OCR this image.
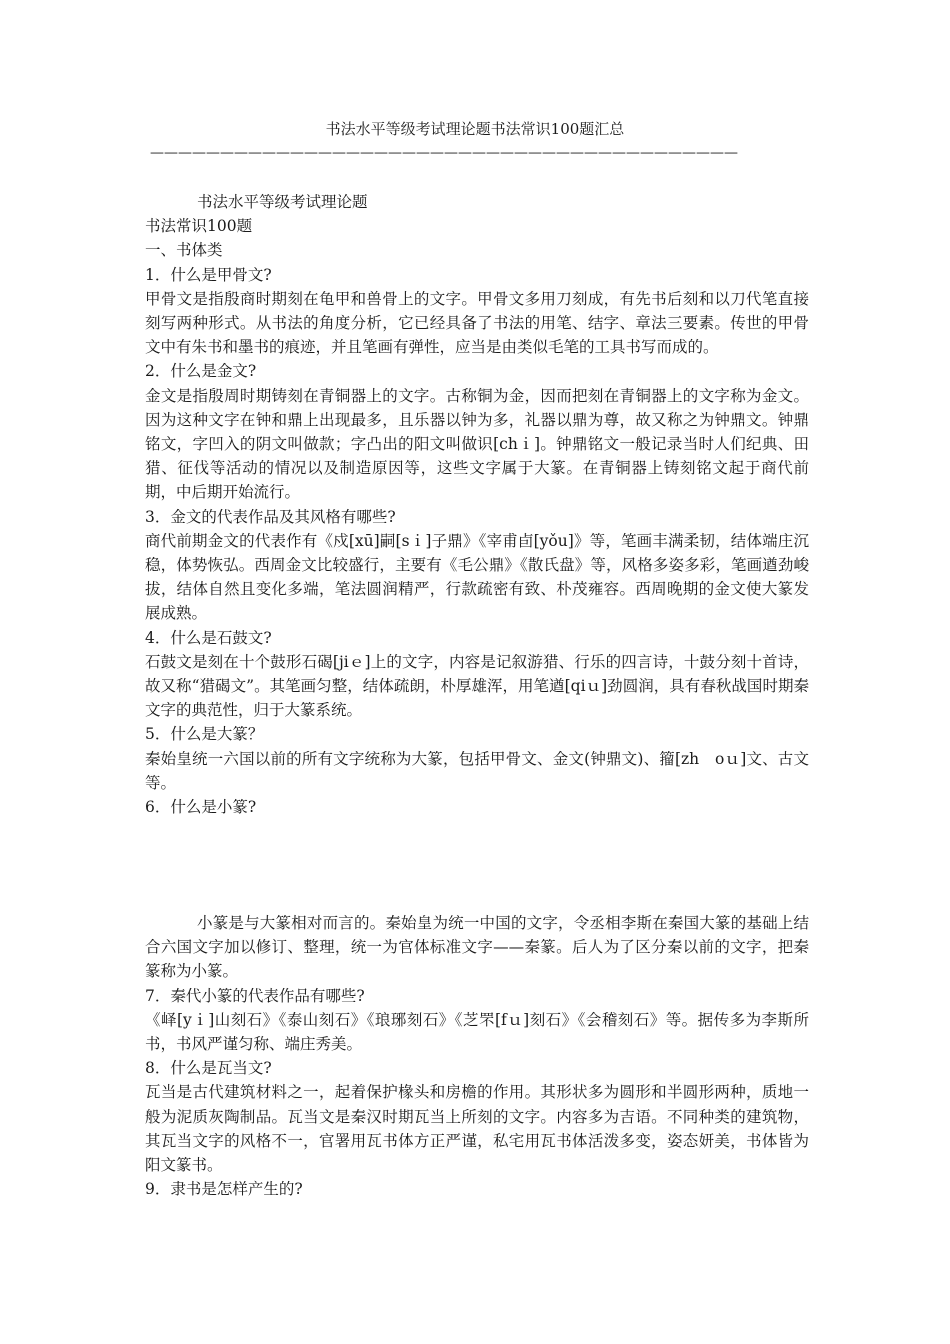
书法水平等级考试理论题书法常识100题汇总
——————————————————————————————————————————

书法水平等级考试理论题

书法常识100题

一、书体类

1．什么是甲骨文?

甲骨文是指殷商时期刻在龟甲和兽骨上的文字。甲骨文多用刀刻成，有先书后刻和以刀代笔直接刻写两种形式。从书法的角度分析，它已经具备了书法的用笔、结字、章法三要素。传世的甲骨文中有朱书和墨书的痕迹，并且笔画有弹性，应当是由类似毛笔的工具书写而成的。

2．什么是金文?

金文是指殷周时期铸刻在青铜器上的文字。古称铜为金，因而把刻在青铜器上的文字称为金文。因为这种文字在钟和鼎上出现最多，且乐器以钟为多，礼器以鼎为尊，故又称之为钟鼎文。钟鼎铭文，字凹入的阴文叫做款；字凸出的阳文叫做识[chｉ]。钟鼎铭文一般记录当时人们纪典、田猎、征伐等活动的情况以及制造原因等，这些文字属于大篆。在青铜器上铸刻铭文起于商代前期，中后期开始流行。

3．金文的代表作品及其风格有哪些?

商代前期金文的代表作有《戍[xū]嗣[sｉ]子鼎》《宰甫卣[yǒu]》等，笔画丰满柔韧，结体端庄沉稳，体势恢弘。西周金文比较盛行，主要有《毛公鼎》《散氏盘》等，风格多姿多彩，笔画遒劲峻拔，结体自然且变化多端，笔法圆润精严，行款疏密有致、朴茂雍容。西周晚期的金文使大篆发展成熟。

4．什么是石鼓文?

石鼓文是刻在十个鼓形石碣[jiｅ]上的文字，内容是记叙游猎、行乐的四言诗，十鼓分刻十首诗，故又称“猎碣文”。其笔画匀整，结体疏朗，朴厚雄浑，用笔遒[qiｕ]劲圆润，具有春秋战国时期秦文字的典范性，归于大篆系统。

5．什么是大篆？

秦始皇统一六国以前的所有文字统称为大篆，包括甲骨文、金文(钟鼎文)、籀[zh　oｕ]文、古文等。

6．什么是小篆?

小篆是与大篆相对而言的。秦始皇为统一中国的文字，令丞相李斯在秦国大篆的基础上结合六国文字加以修订、整理，统一为官体标准文字——秦篆。后人为了区分秦以前的文字，把秦篆称为小篆。

7．秦代小篆的代表作品有哪些?

《峄[yｉ]山刻石》《泰山刻石》《琅琊刻石》《芝罘[fｕ]刻石》《会稽刻石》等。据传多为李斯所书，书风严谨匀称、端庄秀美。

8．什么是瓦当文?

瓦当是古代建筑材料之一，起着保护椽头和房檐的作用。其形状多为圆形和半圆形两种，质地一般为泥质灰陶制品。瓦当文是秦汉时期瓦当上所刻的文字。内容多为吉语。不同种类的建筑物，其瓦当文字的风格不一，官署用瓦书体方正严谨，私宅用瓦书体活泼多变，姿态妍美，书体皆为阳文篆书。

9．隶书是怎样产生的?
